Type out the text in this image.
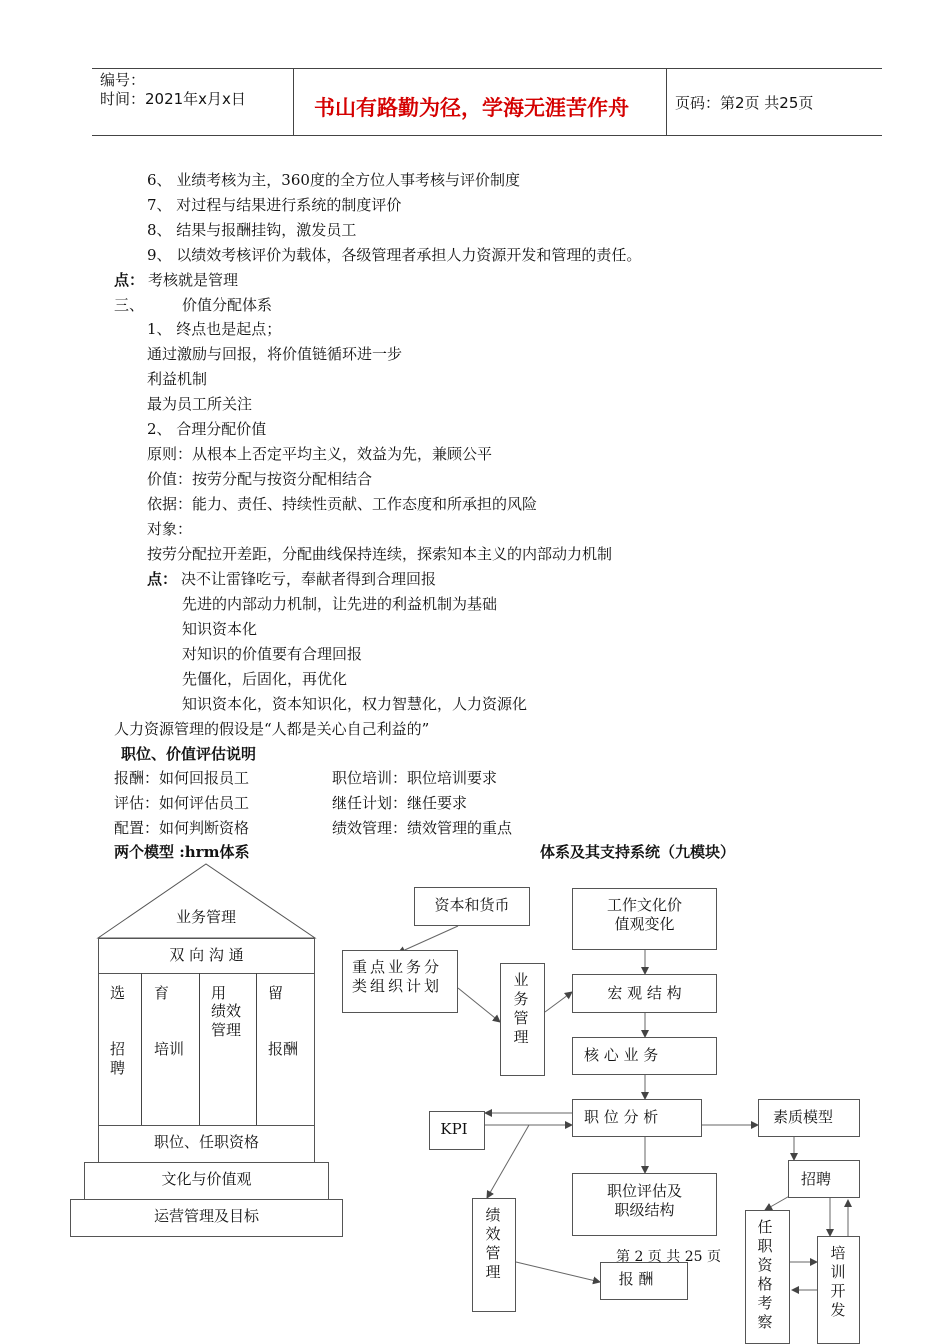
编号：
时间：2021年x月x日	书山有路勤为径，学海无涯苦作舟	页码：第2页 共25页
6、 业绩考核为主，360度的全方位人事考核与评价制度
7、 对过程与结果进行系统的制度评价
8、 结果与报酬挂钩，激发员工
9、 以绩效考核评价为载体，各级管理者承担人力资源开发和管理的责任。
点： 考核就是管理
三、	价值分配体系
1、 终点也是起点；
通过激励与回报，将价值链循环进一步
利益机制
最为员工所关注
2、 合理分配价值
原则：从根本上否定平均主义，效益为先，兼顾公平
价值：按劳分配与按资分配相结合
依据：能力、责任、持续性贡献、工作态度和所承担的风险
对象：
按劳分配拉开差距，分配曲线保持连续，探索知本主义的内部动力机制
点： 决不让雷锋吃亏，奉献者得到合理回报
先进的内部动力机制，让先进的利益机制为基础
知识资本化
对知识的价值要有合理回报
先僵化，后固化，再优化
知识资本化，资本知识化，权力智慧化，人力资源化
人力资源管理的假设是“人都是关心自己利益的”
职位、价值评估说明
报酬：如何回报员工	职位培训：职位培训要求
评估：如何评估员工	继任计划：继任要求
配置：如何判断资格	绩效管理：绩效管理的重点
两个模型 :hrm体系	体系及其支持系统（九模块）
业务管理
双 向 沟 通
选
招聘
育
培训
用
绩效管理
留
报酬
职位、任职资格
文化与价值观
运营管理及目标
资本和货币	工作文化价值观变化
重点业务分类组织计划	业务管理
宏 观 结 构
核 心 业 务
KPI
职 位 分 析	素质模型
招聘
职位评估及职级结构
绩效管理	报 酬
任职资格考察
培训开发
第 2 页 共 25 页
